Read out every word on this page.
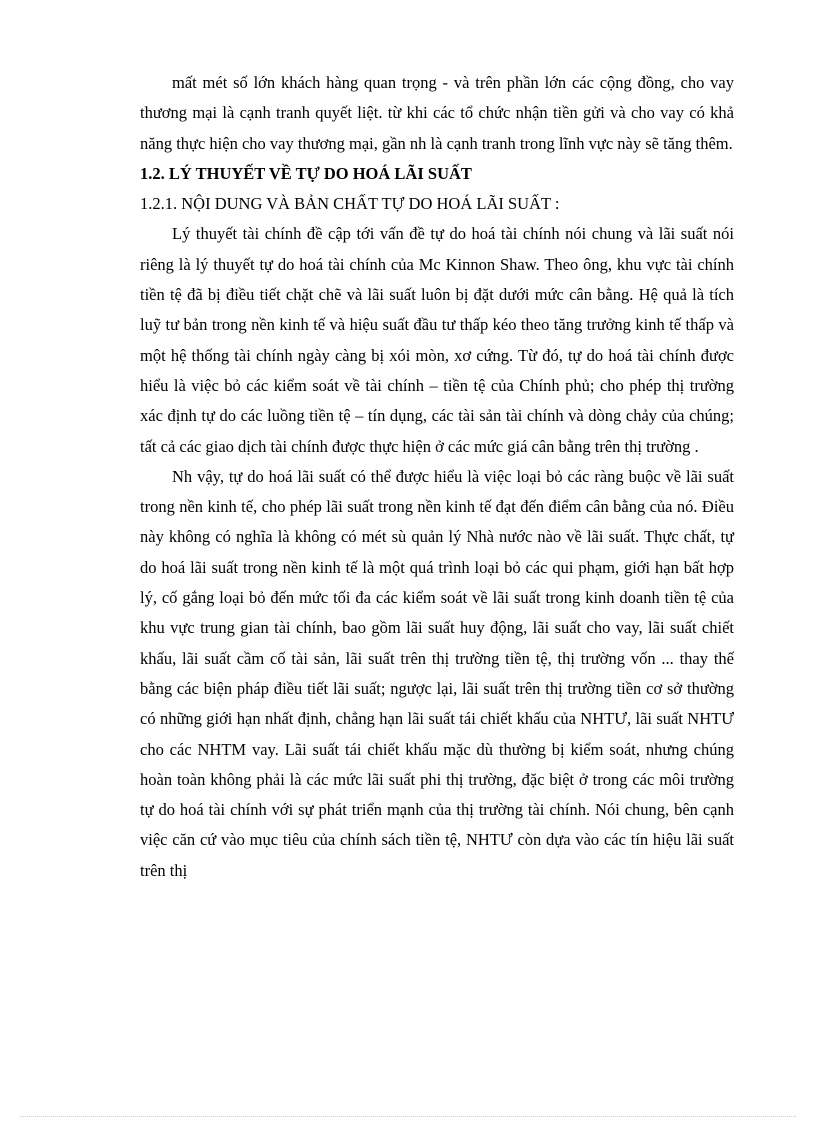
mất mét số lớn khách hàng quan trọng - và trên phần lớn các cộng đồng, cho vay thương mại là cạnh tranh quyết liệt. từ khi các tổ chức nhận tiền gửi và cho vay có khả năng thực hiện cho vay thương mại, gần nh là cạnh tranh trong lĩnh vực này sẽ tăng thêm.

1.2. LÝ THUYẾT VỀ TỰ DO HOÁ LÃI SUẤT

1.2.1. NỘI DUNG VÀ BẢN CHẤT TỰ DO HOÁ LÃI SUẤT :

Lý thuyết tài chính đề cập tới vấn đề tự do hoá tài chính nói chung và lãi suất nói riêng là lý thuyết tự do hoá tài chính của Mc Kinnon Shaw. Theo ông, khu vực tài chính tiền tệ đã bị điều tiết chặt chẽ và lãi suất luôn bị đặt dưới mức cân bằng. Hệ quả là tích luỹ tư bản trong nền kinh tế và hiệu suất đầu tư thấp kéo theo tăng trưởng kinh tế thấp và một hệ thống tài chính ngày càng bị xói mòn, xơ cứng. Từ đó, tự do hoá tài chính được hiểu là việc bỏ các kiểm soát về tài chính – tiền tệ của Chính phủ; cho phép thị trường xác định tự do các luồng tiền tệ – tín dụng, các tài sản tài chính và dòng chảy của chúng; tất cả các giao dịch tài chính được thực hiện ở các mức giá cân bằng trên thị trường .

Nh vậy, tự do hoá lãi suất có thể được hiểu là việc loại bỏ các ràng buộc về lãi suất trong nền kinh tế, cho phép lãi suất trong nền kinh tế đạt đến điểm cân bằng của nó. Điều này không có nghĩa là không có mét sù quản lý Nhà nước nào về lãi suất. Thực chất, tự do hoá lãi suất trong nền kinh tế là một quá trình loại bỏ các qui phạm, giới hạn bất hợp lý, cố gắng loại bỏ đến mức tối đa các kiểm soát về lãi suất trong kinh doanh tiền tệ của khu vực trung gian tài chính, bao gồm lãi suất huy động, lãi suất cho vay, lãi suất chiết khấu, lãi suất cầm cố tài sản, lãi suất trên thị trường tiền tệ, thị trường vốn ... thay thế bằng các biện pháp điều tiết lãi suất; ngược lại, lãi suất trên thị trường tiền cơ sở thường có những giới hạn nhất định, chẳng hạn lãi suất tái chiết khấu của NHTƯ, lãi suất NHTƯ cho các NHTM vay. Lãi suất tái chiết khấu mặc dù thường bị kiểm soát, nhưng chúng hoàn toàn không phải là các mức lãi suất phi thị trường, đặc biệt ở trong các môi trường tự do hoá tài chính với sự phát triển mạnh của thị trường tài chính. Nói chung, bên cạnh việc căn cứ vào mục tiêu của chính sách tiền tệ, NHTƯ còn dựa vào các tín hiệu lãi suất trên thị
